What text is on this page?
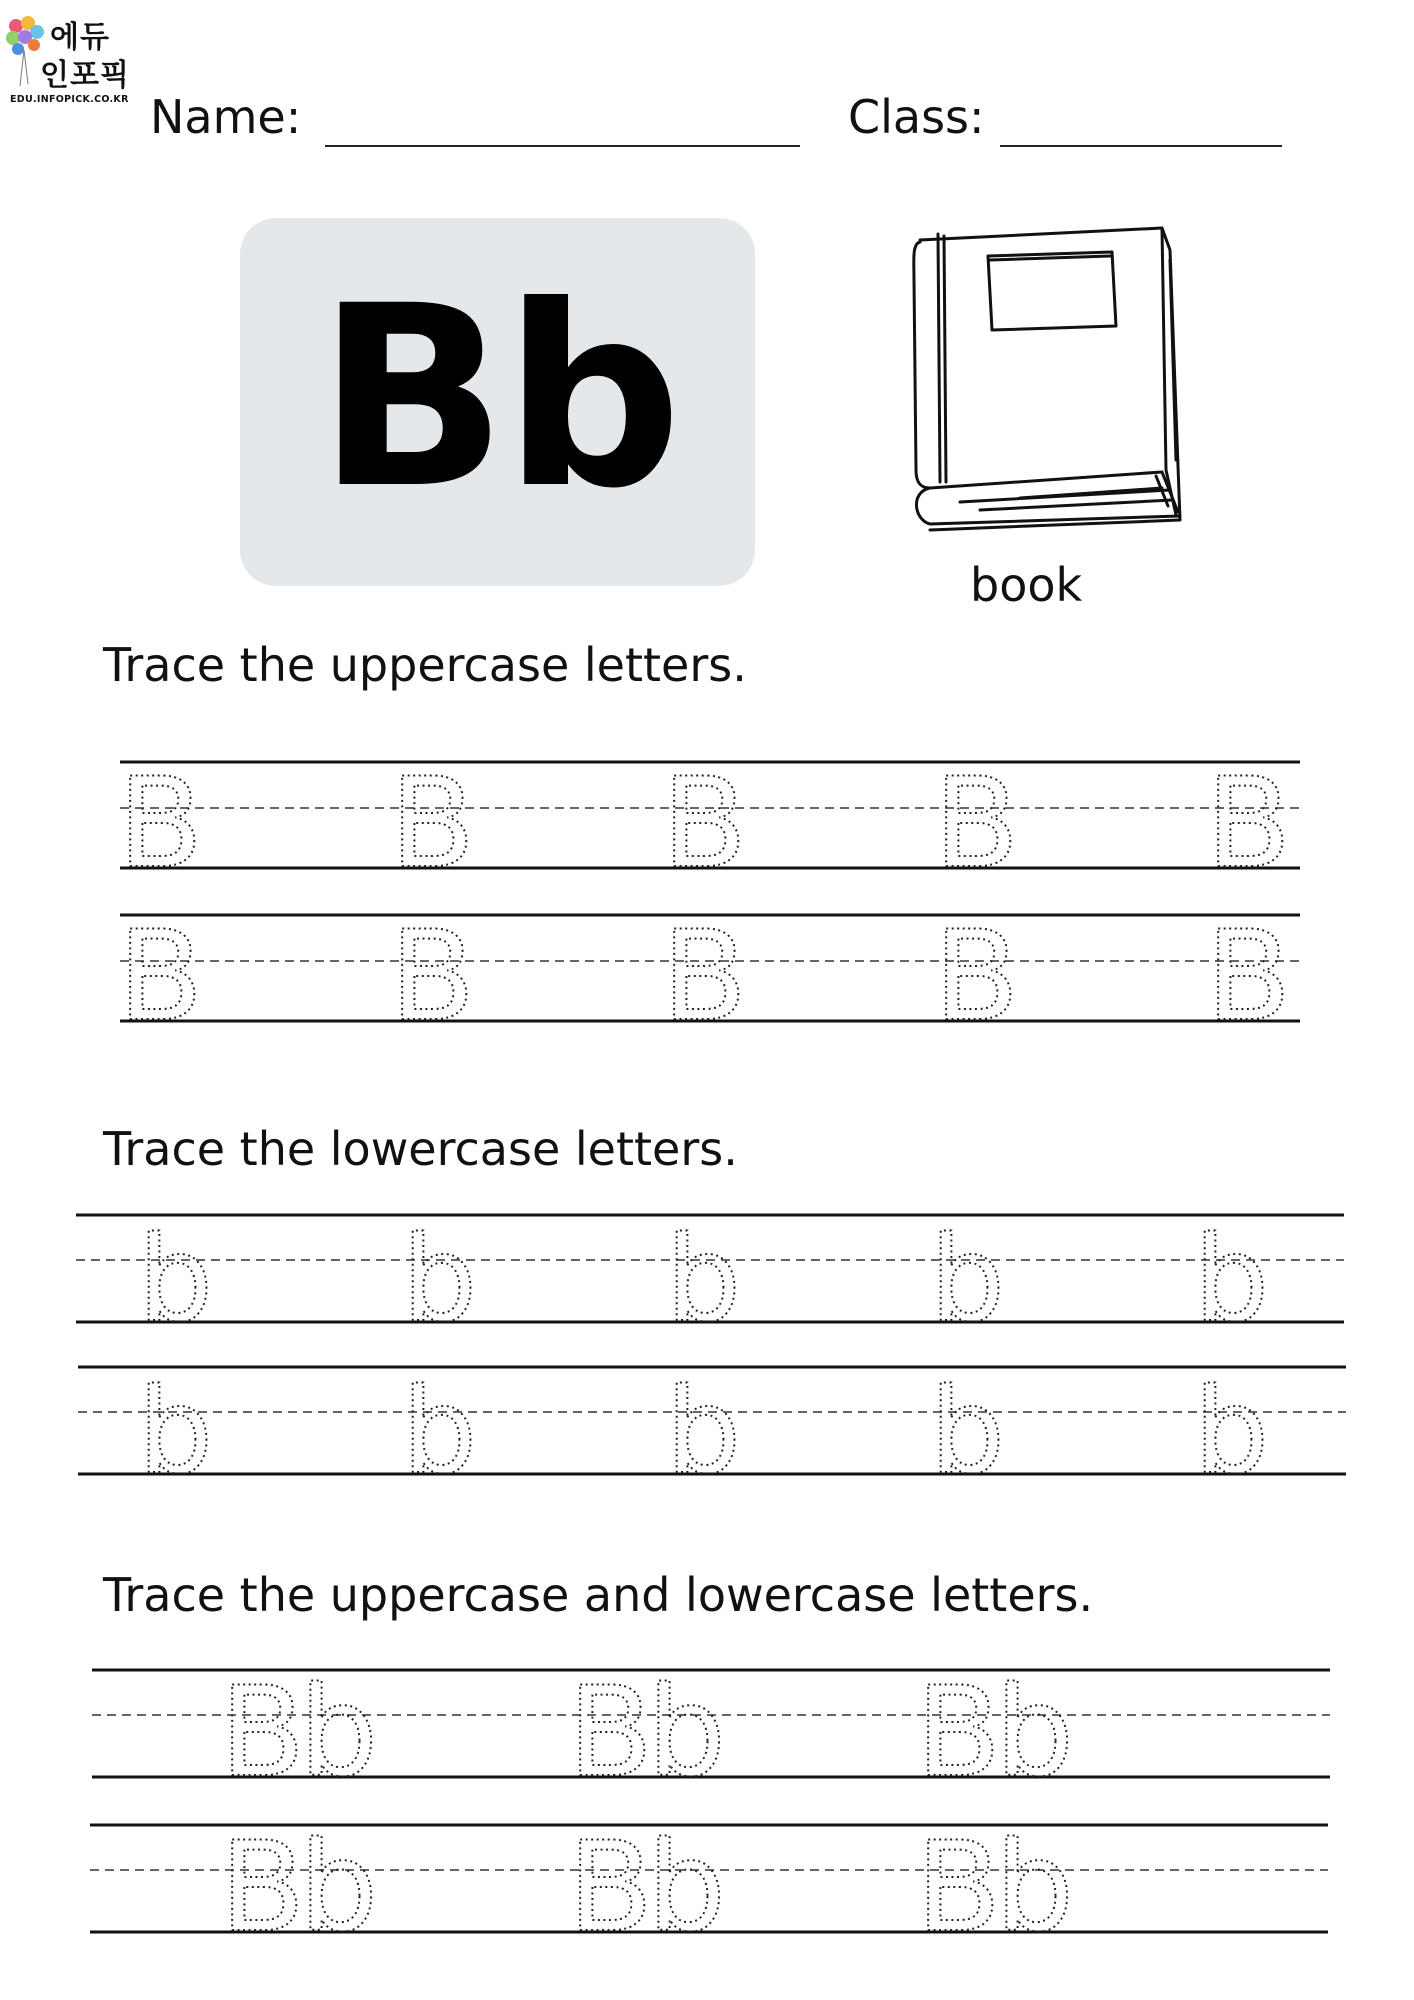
에듀
인포픽
EDU.INFOPICK.CO.KR Name:	Class:
Bb
book
Trace the uppercase letters.
Trace the lowercase letters.
Trace the uppercase and lowercase letters.
B B B B B
B B B B B
b b b b b
b b b b b
Bb Bb Bb
Bb Bb Bb
